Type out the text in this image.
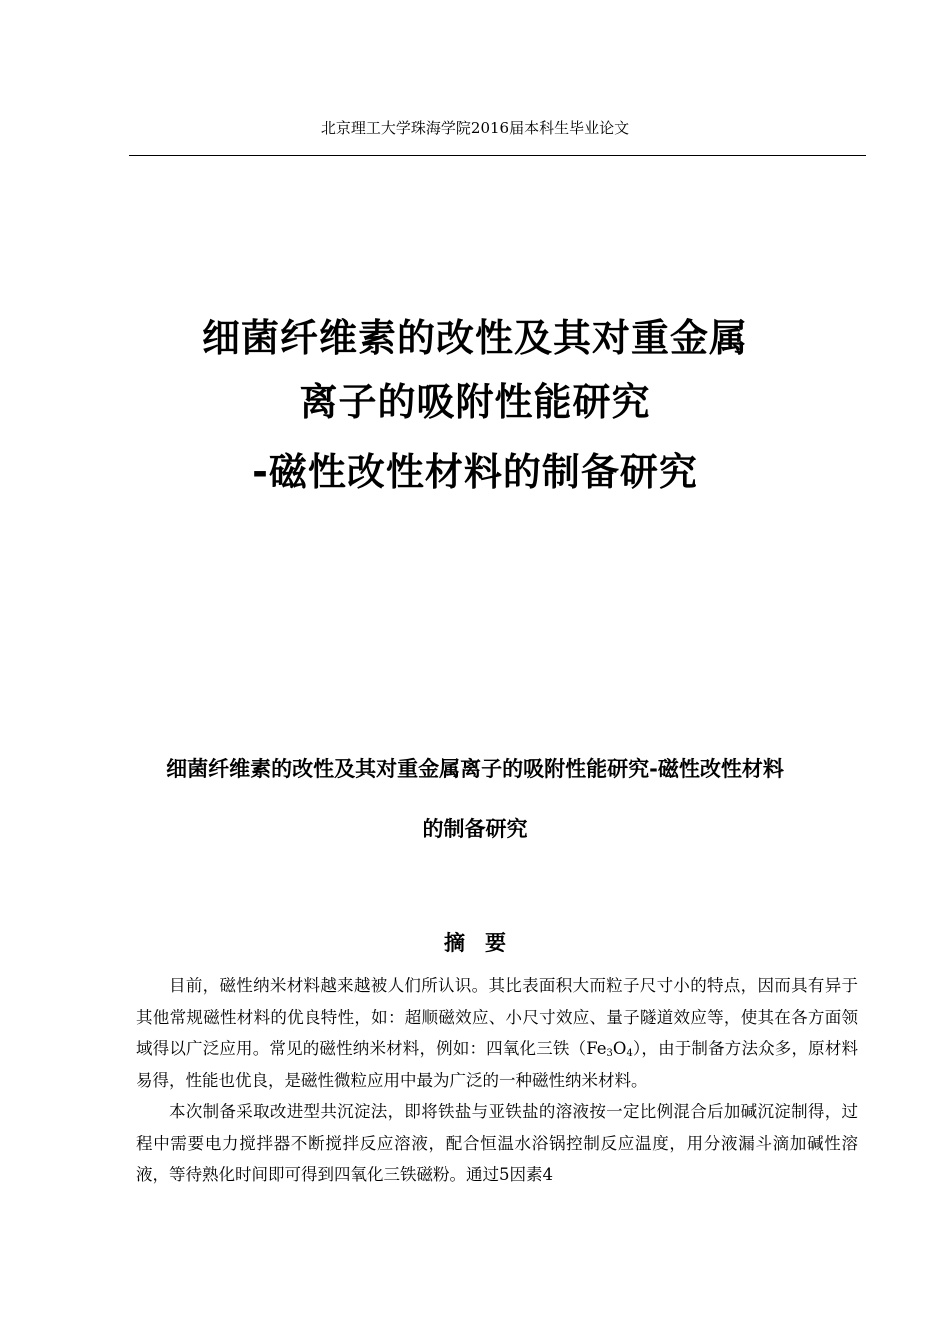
北京理工大学珠海学院2016届本科生毕业论文
细菌纤维素的改性及其对重金属
离子的吸附性能研究
-磁性改性材料的制备研究
细菌纤维素的改性及其对重金属离子的吸附性能研究-磁性改性材料
的制备研究
摘要

目前，磁性纳米材料越来越被人们所认识。其比表面积大而粒子尺寸小的特点，因而具有异于其他常规磁性材料的优良特性，如：超顺磁效应、小尺寸效应、量子隧道效应等，使其在各方面领域得以广泛应用。常见的磁性纳米材料，例如：四氧化三铁$(Fe_3O_4)$，由于制备方法众多，原材料易得，性能也优良，是磁性微粒应用中最为广泛的一种磁性纳米材料。

本次制备采取改进型共沉淀法，即将铁盐与亚铁盐的溶液按一定比例混合后加碱沉淀制得，过程中需要电力搅拌器不断搅拌反应溶液，配合恒温水浴锅控制反应温度，用分液漏斗滴加碱性溶液，等待熟化时间即可得到四氧化三铁磁粉。通过5因素4
